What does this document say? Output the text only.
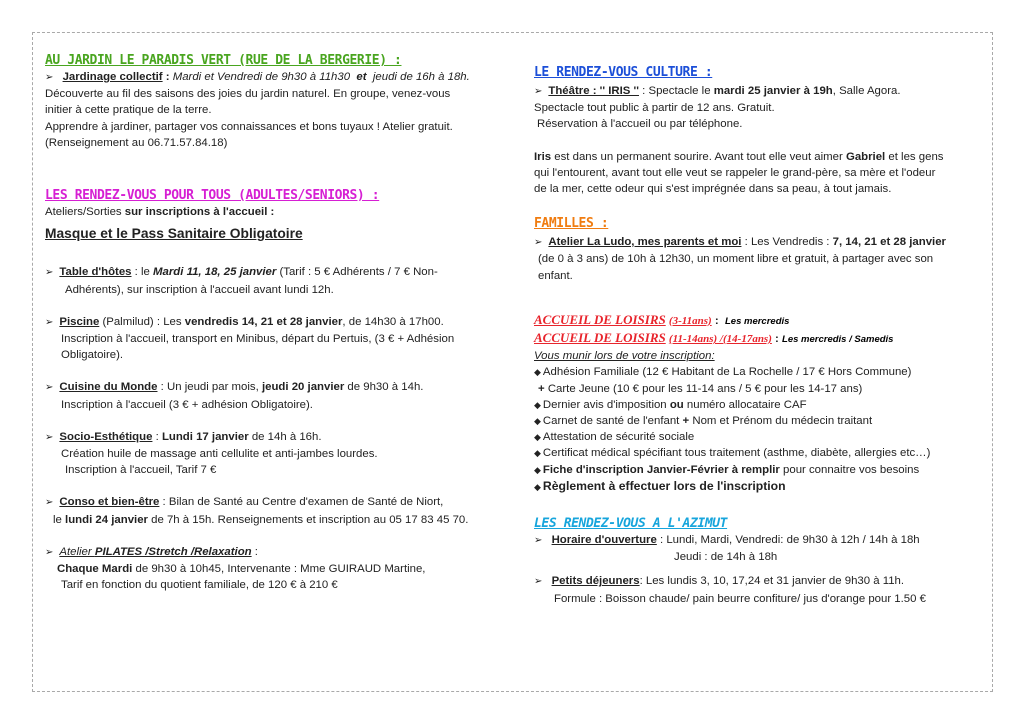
AU JARDIN LE PARADIS VERT (RUE DE LA BERGERIE) :

➢ Jardinage collectif : Mardi et Vendredi de 9h30 à 11h30 et jeudi de 16h à 18h.

Découverte au fil des saisons des joies du jardin naturel. En groupe, venez-vous

initier à cette pratique de la terre.

Apprendre à jardiner, partager vos connaissances et bons tuyaux ! Atelier gratuit.

(Renseignement au 06.71.57.84.18)

LES RENDEZ-VOUS POUR TOUS (ADULTES/SENIORS) :

Ateliers/Sorties sur inscriptions à l'accueil :

Masque et le Pass Sanitaire Obligatoire

➢ Table d'hôtes : le Mardi 11, 18, 25 janvier (Tarif : 5 € Adhérents / 7 € Non-

Adhérents), sur inscription à l'accueil avant lundi 12h.

➢ Piscine (Palmilud) : Les vendredis 14, 21 et 28 janvier, de 14h30 à 17h00.

Inscription à l'accueil, transport en Minibus, départ du Pertuis, (3 € + Adhésion

Obligatoire).

➢ Cuisine du Monde : Un jeudi par mois, jeudi 20 janvier de 9h30 à 14h.

Inscription à l'accueil (3 € + adhésion Obligatoire).

➢ Socio-Esthétique : Lundi 17 janvier de 14h à 16h.

Création huile de massage anti cellulite et anti-jambes lourdes.

Inscription à l'accueil, Tarif 7 €

➢ Conso et bien-être : Bilan de Santé au Centre d'examen de Santé de Niort,

le lundi 24 janvier de 7h à 15h. Renseignements et inscription au 05 17 83 45 70.

➢ Atelier PILATES /Stretch /Relaxation :

Chaque Mardi de 9h30 à 10h45, Intervenante : Mme GUIRAUD Martine,

Tarif en fonction du quotient familiale, de 120 € à 210 €

LE RENDEZ-VOUS CULTURE :

➢ Théâtre : '' IRIS '' : Spectacle le mardi 25 janvier à 19h, Salle Agora.

Spectacle tout public à partir de 12 ans. Gratuit.

Réservation à l'accueil ou par téléphone.

Iris est dans un permanent sourire. Avant tout elle veut aimer Gabriel et les gens

qui l'entourent, avant tout elle veut se rappeler le grand-père, sa mère et l'odeur

de la mer, cette odeur qui s'est imprégnée dans sa peau, à tout jamais.

FAMILLES :

➢ Atelier La Ludo, mes parents et moi : Les Vendredis : 7, 14, 21 et 28 janvier

(de 0 à 3 ans) de 10h à 12h30, un moment libre et gratuit, à partager avec son

enfant.

ACCUEIL DE LOISIRS (3-11ans) : Les mercredis

ACCUEIL DE LOISIRS (11-14ans) /(14-17ans) : Les mercredis / Samedis

Vous munir lors de votre inscription:

◆ Adhésion Familiale (12 € Habitant de La Rochelle / 17 € Hors Commune)

+ Carte Jeune (10 € pour les 11-14 ans / 5 € pour les 14-17 ans)

◆ Dernier avis d'imposition ou numéro allocataire CAF

◆ Carnet de santé de l'enfant + Nom et Prénom du médecin traitant

◆ Attestation de sécurité sociale

◆ Certificat médical spécifiant tous traitement (asthme, diabète, allergies etc…)

◆ Fiche d'inscription Janvier-Février à remplir pour connaitre vos besoins

◆ Règlement à effectuer lors de l'inscription

LES RENDEZ-VOUS A L'AZIMUT

➢ Horaire d'ouverture : Lundi, Mardi, Vendredi: de 9h30 à 12h / 14h à 18h

Jeudi : de 14h à 18h

➢ Petits déjeuners: Les lundis 3, 10, 17,24 et 31 janvier de 9h30 à 11h.

Formule : Boisson chaude/ pain beurre confiture/ jus d'orange pour 1.50 €
